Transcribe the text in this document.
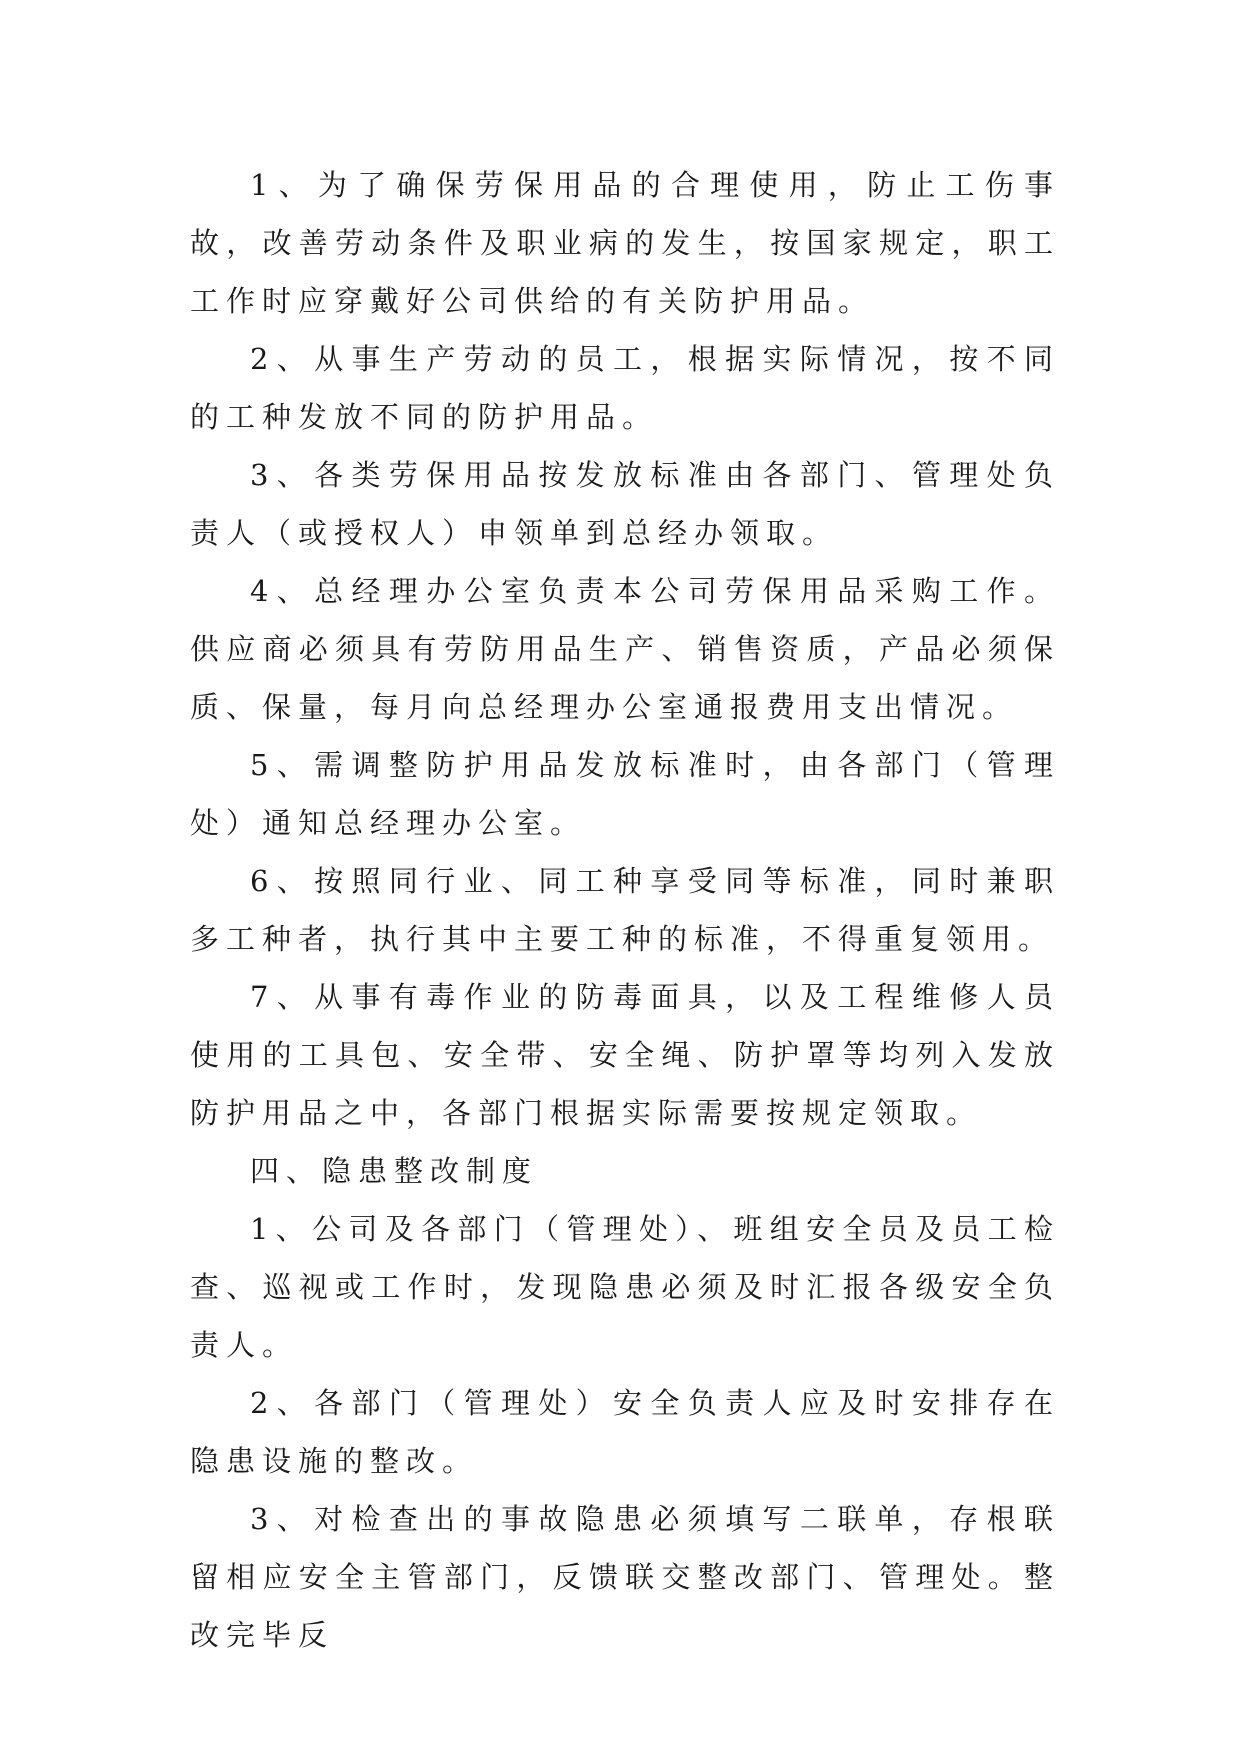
1、为了确保劳保用品的合理使用，防止工伤事故，改善劳动条件及职业病的发生，按国家规定，职工工作时应穿戴好公司供给的有关防护用品。

2、从事生产劳动的员工，根据实际情况，按不同的工种发放不同的防护用品。

3、各类劳保用品按发放标准由各部门、管理处负责人（或授权人）申领单到总经办领取。

4、总经理办公室负责本公司劳保用品采购工作。供应商必须具有劳防用品生产、销售资质，产品必须保质、保量，每月向总经理办公室通报费用支出情况。

5、需调整防护用品发放标准时，由各部门（管理处）通知总经理办公室。

6、按照同行业、同工种享受同等标准，同时兼职多工种者，执行其中主要工种的标准，不得重复领用。

7、从事有毒作业的防毒面具，以及工程维修人员使用的工具包、安全带、安全绳、防护罩等均列入发放防护用品之中，各部门根据实际需要按规定领取。

四、隐患整改制度

1、公司及各部门（管理处）、班组安全员及员工检查、巡视或工作时，发现隐患必须及时汇报各级安全负责人。

2、各部门（管理处）安全负责人应及时安排存在隐患设施的整改。

3、对检查出的事故隐患必须填写二联单，存根联留相应安全主管部门，反馈联交整改部门、管理处。整改完毕反
